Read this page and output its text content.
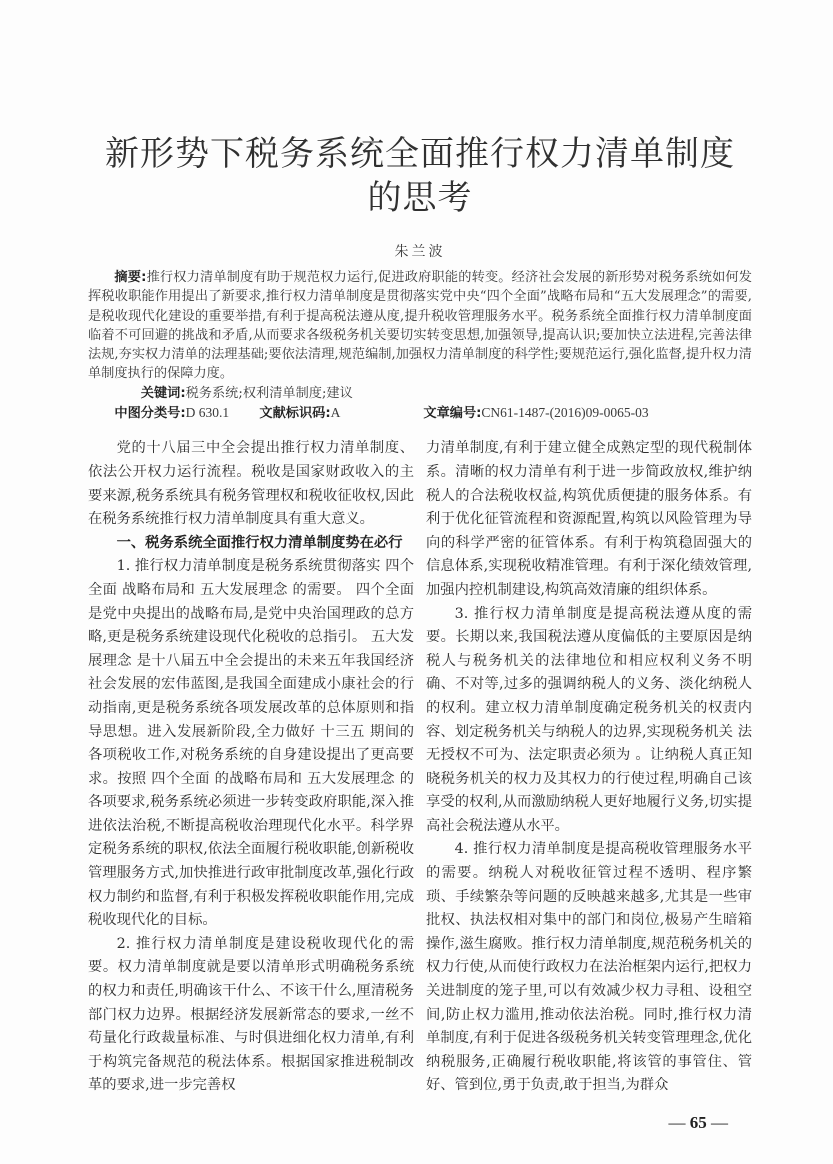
新形势下税务系统全面推行权力清单制度的思考
朱兰波

摘要:推行权力清单制度有助于规范权力运行,促进政府职能的转变。经济社会发展的新形势对税务系统如何发挥税收职能作用提出了新要求,推行权力清单制度是贯彻落实党中央“四个全面”战略布局和“五大发展理念”的需要,是税收现代化建设的重要举措,有利于提高税法遵从度,提升税收管理服务水平。税务系统全面推行权力清单制度面临着不可回避的挑战和矛盾,从而要求各级税务机关要切实转变思想,加强领导,提高认识;要加快立法进程,完善法律法规,夯实权力清单的法理基础;要依法清理,规范编制,加强权力清单制度的科学性;要规范运行,强化监督,提升权力清单制度执行的保障力度。

关键词:税务系统;权利清单制度;建议

中图分类号:D 630.1	文献标识码:A	文章编号:CN61-1487-(2016)09-0065-03

党的十八届三中全会提出推行权力清单制度、依法公开权力运行流程。税收是国家财政收入的主要来源,税务系统具有税务管理权和税收征收权,因此在税务系统推行权力清单制度具有重大意义。

一、税务系统全面推行权力清单制度势在必行

1. 推行权力清单制度是税务系统贯彻落实 四个全面 战略布局和 五大发展理念 的需要。 四个全面 是党中央提出的战略布局,是党中央治国理政的总方略,更是税务系统建设现代化税收的总指引。 五大发展理念 是十八届五中全会提出的未来五年我国经济社会发展的宏伟蓝图,是我国全面建成小康社会的行动指南,更是税务系统各项发展改革的总体原则和指导思想。进入发展新阶段,全力做好 十三五 期间的各项税收工作,对税务系统的自身建设提出了更高要求。按照 四个全面 的战略布局和 五大发展理念 的各项要求,税务系统必须进一步转变政府职能,深入推进依法治税,不断提高税收治理现代化水平。科学界定税务系统的职权,依法全面履行税收职能,创新税收管理服务方式,加快推进行政审批制度改革,强化行政权力制约和监督,有利于积极发挥税收职能作用,完成税收现代化的目标。

2. 推行权力清单制度是建设税收现代化的需要。权力清单制度就是要以清单形式明确税务系统的权力和责任,明确该干什么、不该干什么,厘清税务部门权力边界。根据经济发展新常态的要求,一丝不苟量化行政裁量标准、与时俱进细化权力清单,有利于构筑完备规范的税法体系。根据国家推进税制改革的要求,进一步完善权

力清单制度,有利于建立健全成熟定型的现代税制体系。清晰的权力清单有利于进一步简政放权,维护纳税人的合法税收权益,构筑优质便捷的服务体系。有利于优化征管流程和资源配置,构筑以风险管理为导向的科学严密的征管体系。有利于构筑稳固强大的信息体系,实现税收精准管理。有利于深化绩效管理,加强内控机制建设,构筑高效清廉的组织体系。

3. 推行权力清单制度是提高税法遵从度的需要。长期以来,我国税法遵从度偏低的主要原因是纳税人与税务机关的法律地位和相应权利义务不明确、不对等,过多的强调纳税人的义务、淡化纳税人的权利。建立权力清单制度确定税务机关的权责内容、划定税务机关与纳税人的边界,实现税务机关 法无授权不可为、法定职责必须为 。让纳税人真正知晓税务机关的权力及其权力的行使过程,明确自己该享受的权利,从而激励纳税人更好地履行义务,切实提高社会税法遵从水平。

4. 推行权力清单制度是提高税收管理服务水平的需要。纳税人对税收征管过程不透明、程序繁琐、手续繁杂等问题的反映越来越多,尤其是一些审批权、执法权相对集中的部门和岗位,极易产生暗箱操作,滋生腐败。推行权力清单制度,规范税务机关的权力行使,从而使行政权力在法治框架内运行,把权力关进制度的笼子里,可以有效减少权力寻租、设租空间,防止权力滥用,推动依法治税。同时,推行权力清单制度,有利于促进各级税务机关转变管理理念,优化纳税服务,正确履行税收职能,将该管的事管住、管好、管到位,勇于负责,敢于担当,为群众

— 65 —
